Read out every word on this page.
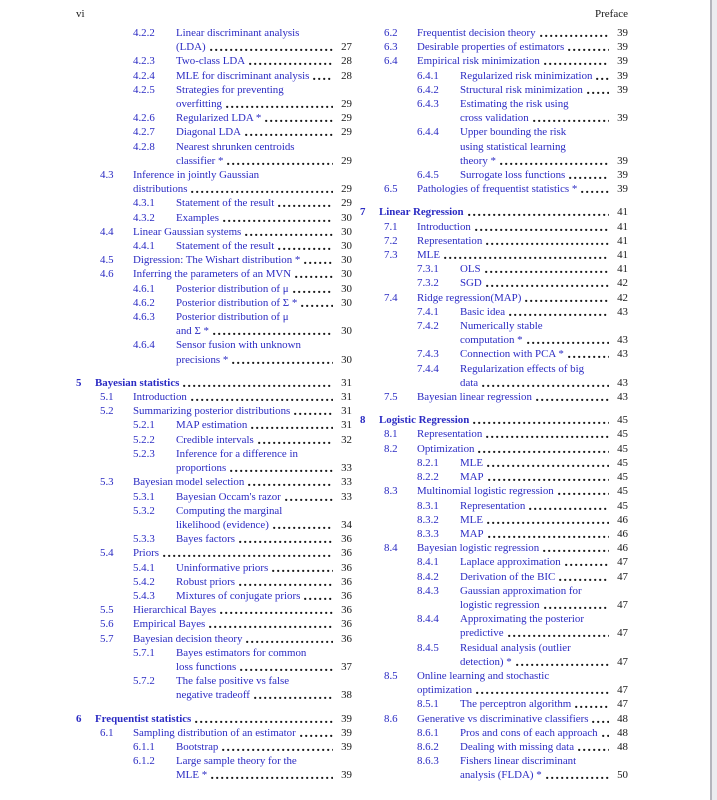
vi	Preface
4.2.2 Linear discriminant analysis
(LDA)	27
4.2.3 Two-class LDA	28
4.2.4 MLE for discriminant analysis	28
4.2.5 Strategies for preventing
overfitting	29
4.2.6 Regularized LDA *	29
4.2.7 Diagonal LDA	29
4.2.8 Nearest shrunken centroids
classifier *	29
4.3 Inference in jointly Gaussian
distributions	29
4.3.1 Statement of the result	29
4.3.2 Examples	30
4.4 Linear Gaussian systems	30
4.4.1 Statement of the result	30
4.5 Digression: The Wishart distribution *	30
4.6 Inferring the parameters of an MVN	30
4.6.1 Posterior distribution of μ	30
4.6.2 Posterior distribution of Σ *	30
4.6.3 Posterior distribution of μ
and Σ *	30
4.6.4 Sensor fusion with unknown
precisions *	30
5 Bayesian statistics	31
5.1 Introduction	31
5.2 Summarizing posterior distributions	31
5.2.1 MAP estimation	31
5.2.2 Credible intervals	32
5.2.3 Inference for a difference in
proportions	33
5.3 Bayesian model selection	33
5.3.1 Bayesian Occam's razor	33
5.3.2 Computing the marginal
likelihood (evidence)	34
5.3.3 Bayes factors	36
5.4 Priors	36
5.4.1 Uninformative priors	36
5.4.2 Robust priors	36
5.4.3 Mixtures of conjugate priors	36
5.5 Hierarchical Bayes	36
5.6 Empirical Bayes	36
5.7 Bayesian decision theory	36
5.7.1 Bayes estimators for common
loss functions	37
5.7.2 The false positive vs false
negative tradeoff	38
6 Frequentist statistics	39
6.1 Sampling distribution of an estimator	39
6.1.1 Bootstrap	39
6.1.2 Large sample theory for the
MLE *	39
6.2 Frequentist decision theory	39
6.3 Desirable properties of estimators	39
6.4 Empirical risk minimization	39
6.4.1 Regularized risk minimization	39
6.4.2 Structural risk minimization	39
6.4.3 Estimating the risk using
cross validation	39
6.4.4 Upper bounding the risk
using statistical learning
theory *	39
6.4.5 Surrogate loss functions	39
6.5 Pathologies of frequentist statistics *	39
7 Linear Regression	41
7.1 Introduction	41
7.2 Representation	41
7.3 MLE	41
7.3.1 OLS	41
7.3.2 SGD	42
7.4 Ridge regression(MAP)	42
7.4.1 Basic idea	43
7.4.2 Numerically stable
computation *	43
7.4.3 Connection with PCA *	43
7.4.4 Regularization effects of big
data	43
7.5 Bayesian linear regression	43
8 Logistic Regression	45
8.1 Representation	45
8.2 Optimization	45
8.2.1 MLE	45
8.2.2 MAP	45
8.3 Multinomial logistic regression	45
8.3.1 Representation	45
8.3.2 MLE	46
8.3.3 MAP	46
8.4 Bayesian logistic regression	46
8.4.1 Laplace approximation	47
8.4.2 Derivation of the BIC	47
8.4.3 Gaussian approximation for
logistic regression	47
8.4.4 Approximating the posterior
predictive	47
8.4.5 Residual analysis (outlier
detection) *	47
8.5 Online learning and stochastic
optimization	47
8.5.1 The perceptron algorithm	47
8.6 Generative vs discriminative classifiers	48
8.6.1 Pros and cons of each approach	48
8.6.2 Dealing with missing data	48
8.6.3 Fishers linear discriminant
analysis (FLDA) *	50
